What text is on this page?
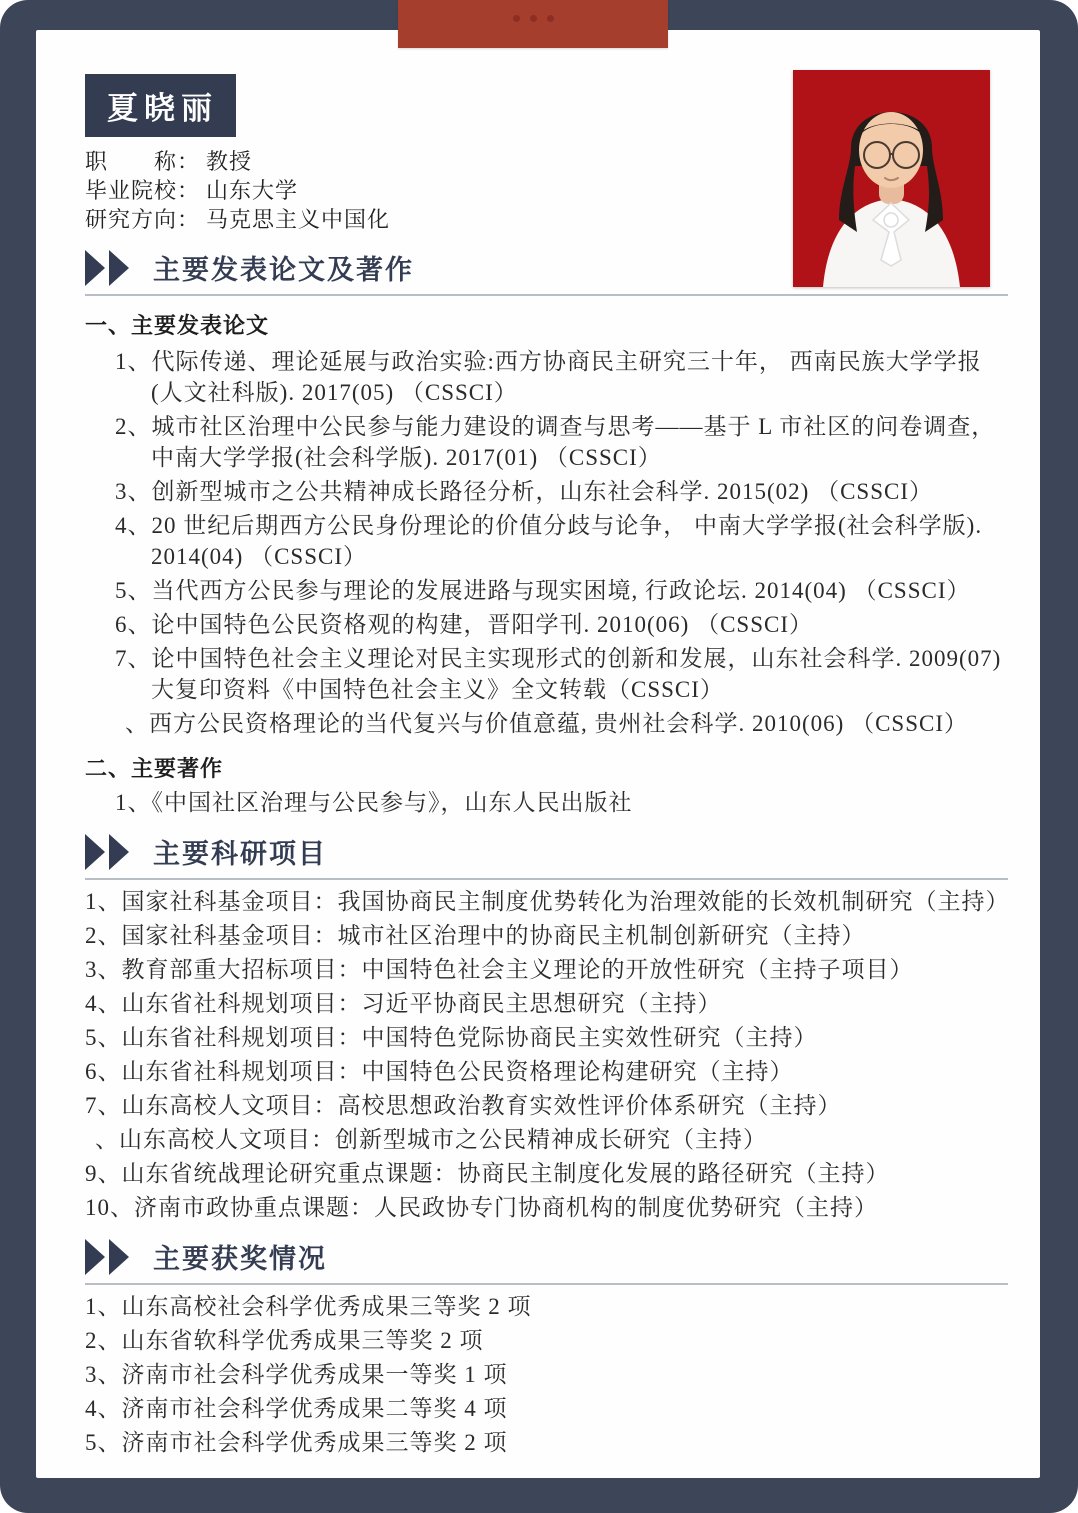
夏晓丽
职　　称： 教授
毕业院校： 山东大学
研究方向： 马克思主义中国化
主要发表论文及著作
一、主要发表论文
1、代际传递、理论延展与政治实验:西方协商民主研究三十年， 西南民族大学学报(人文社科版). 2017(05) （CSSCI）
2、城市社区治理中公民参与能力建设的调查与思考——基于 L 市社区的问卷调查， 中南大学学报(社会科学版). 2017(01) （CSSCI）
3、创新型城市之公共精神成长路径分析，山东社会科学. 2015(02) （CSSCI）
4、20 世纪后期西方公民身份理论的价值分歧与论争， 中南大学学报(社会科学版). 2014(04) （CSSCI）
5、当代西方公民参与理论的发展进路与现实困境, 行政论坛. 2014(04) （CSSCI）
6、论中国特色公民资格观的构建，晋阳学刊. 2010(06) （CSSCI）
7、论中国特色社会主义理论对民主实现形式的创新和发展，山东社会科学. 2009(07) 大复印资料《中国特色社会主义》全文转载（CSSCI）
、西方公民资格理论的当代复兴与价值意蕴, 贵州社会科学. 2010(06) （CSSCI）
二、主要著作
1、《中国社区治理与公民参与》，山东人民出版社
主要科研项目
1、国家社科基金项目：我国协商民主制度优势转化为治理效能的长效机制研究（主持）
2、国家社科基金项目：城市社区治理中的协商民主机制创新研究（主持）
3、教育部重大招标项目：中国特色社会主义理论的开放性研究（主持子项目）
4、山东省社科规划项目：习近平协商民主思想研究（主持）
5、山东省社科规划项目：中国特色党际协商民主实效性研究（主持）
6、山东省社科规划项目：中国特色公民资格理论构建研究（主持）
7、山东高校人文项目：高校思想政治教育实效性评价体系研究（主持）
、山东高校人文项目：创新型城市之公民精神成长研究（主持）
9、山东省统战理论研究重点课题：协商民主制度化发展的路径研究（主持）
10、济南市政协重点课题：人民政协专门协商机构的制度优势研究（主持）
主要获奖情况
1、山东高校社会科学优秀成果三等奖 2 项
2、山东省软科学优秀成果三等奖 2 项
3、济南市社会科学优秀成果一等奖 1 项
4、济南市社会科学优秀成果二等奖 4 项
5、济南市社会科学优秀成果三等奖 2 项
